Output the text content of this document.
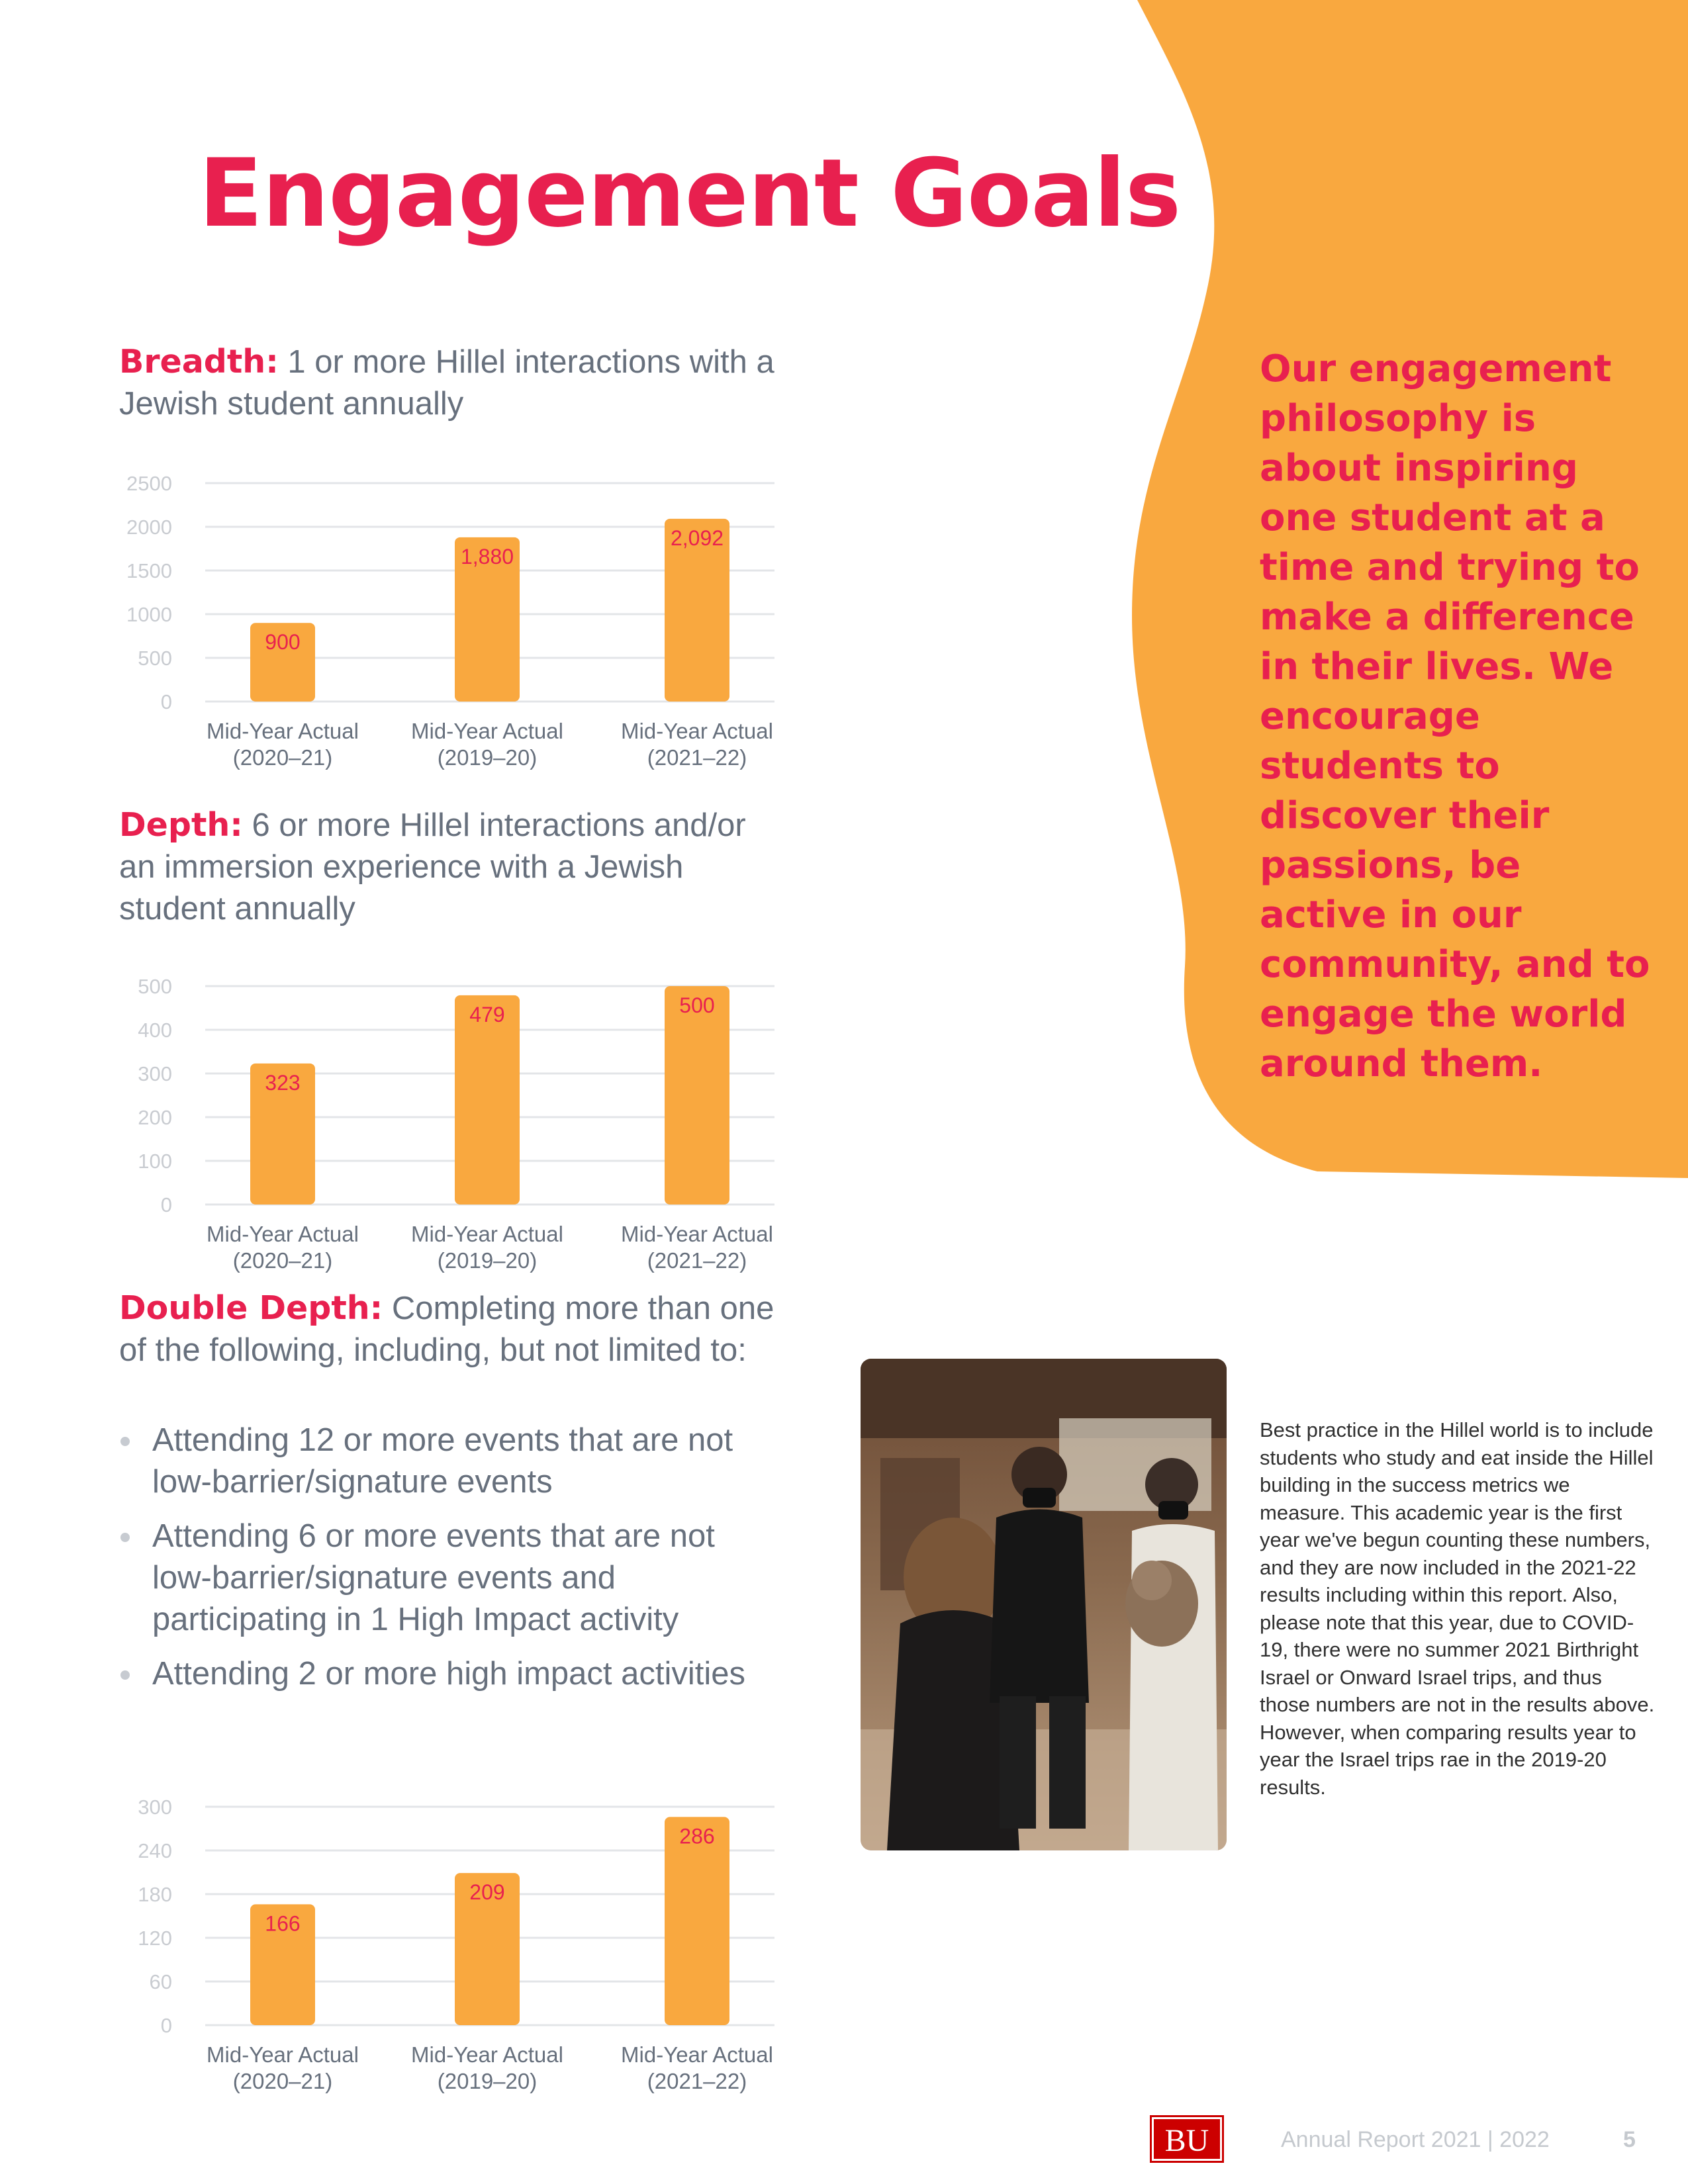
Engagement Goals
Breadth: 1 or more Hillel interactions with a Jewish student annually
0
500
1000
1500
2000
2500
900
Mid-Year Actual
(2020–21)
1,880
Mid-Year Actual
(2019–20)
2,092
Mid-Year Actual
(2021–22)
Depth: 6 or more Hillel interactions and/or an immersion experience with a Jewish student annually
0
100
200
300
400
500
323
Mid-Year Actual
(2020–21)
479
Mid-Year Actual
(2019–20)
500
Mid-Year Actual
(2021–22)
Double Depth: Completing more than one of the following, including, but not limited to:
Attending 12 or more events that are not low-barrier/signature events
Attending 6 or more events that are not low-barrier/signature events and participating in 1 High Impact activity
Attending 2 or more high impact activities
0
60
120
180
240
300
166
Mid-Year Actual
(2020–21)
209
Mid-Year Actual
(2019–20)
286
Mid-Year Actual
(2021–22)
Our engagement philosophy is about inspiring one student at a time and trying to make a difference in their lives. We encourage students to discover their passions, be active in our community, and to engage the world around them.
Best practice in the Hillel world is to include students who study and eat inside the Hillel building in the success metrics we measure. This academic year is the first year we've begun counting these numbers, and they are now included in the 2021-22 results including within this report. Also, please note that this year, due to COVID-19, there were no summer 2021 Birthright Israel or Onward Israel trips, and thus those numbers are not in the results above. However, when comparing results year to year the Israel trips rae in the 2019-20 results.
BU	Annual Report 2021 | 2022	5
